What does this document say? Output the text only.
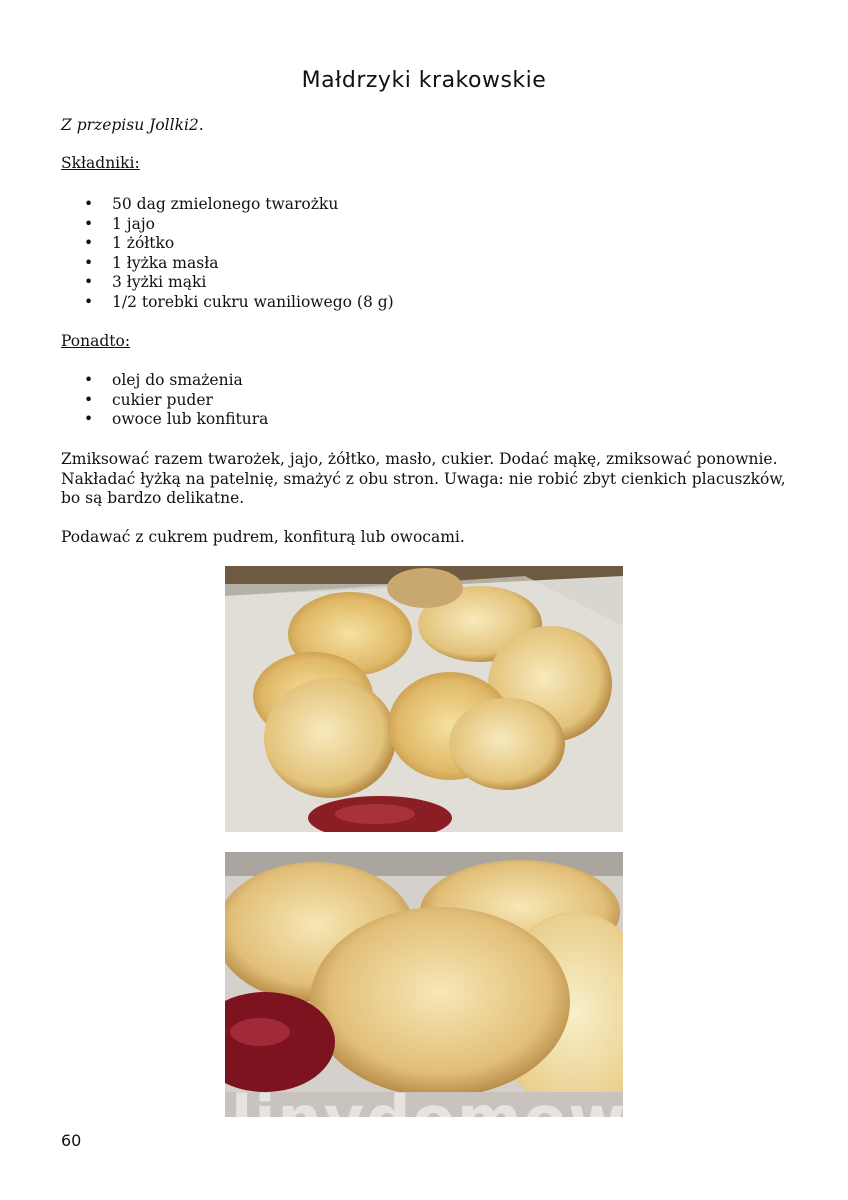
Małdrzyki krakowskie
Z przepisu Jollki2.
Składniki:
• 50 dag zmielonego twarożku
• 1 jajo
• 1 żółtko
• 1 łyżka masła
• 3 łyżki mąki
• 1/2 torebki cukru waniliowego (8 g)
Ponadto:
• olej do smażenia
• cukier puder
• owoce lub konfitura
Zmiksować razem twarożek, jajo, żółtko, masło, cukier. Dodać mąkę, zmiksować ponownie. Nakładać łyżką na patelnię, smażyć z obu stron. Uwaga: nie robić zbyt cienkich placuszków, bo są bardzo delikatne.
Podawać z cukrem pudrem, konfiturą lub owocami.
wedlinydomowe.pl
60
